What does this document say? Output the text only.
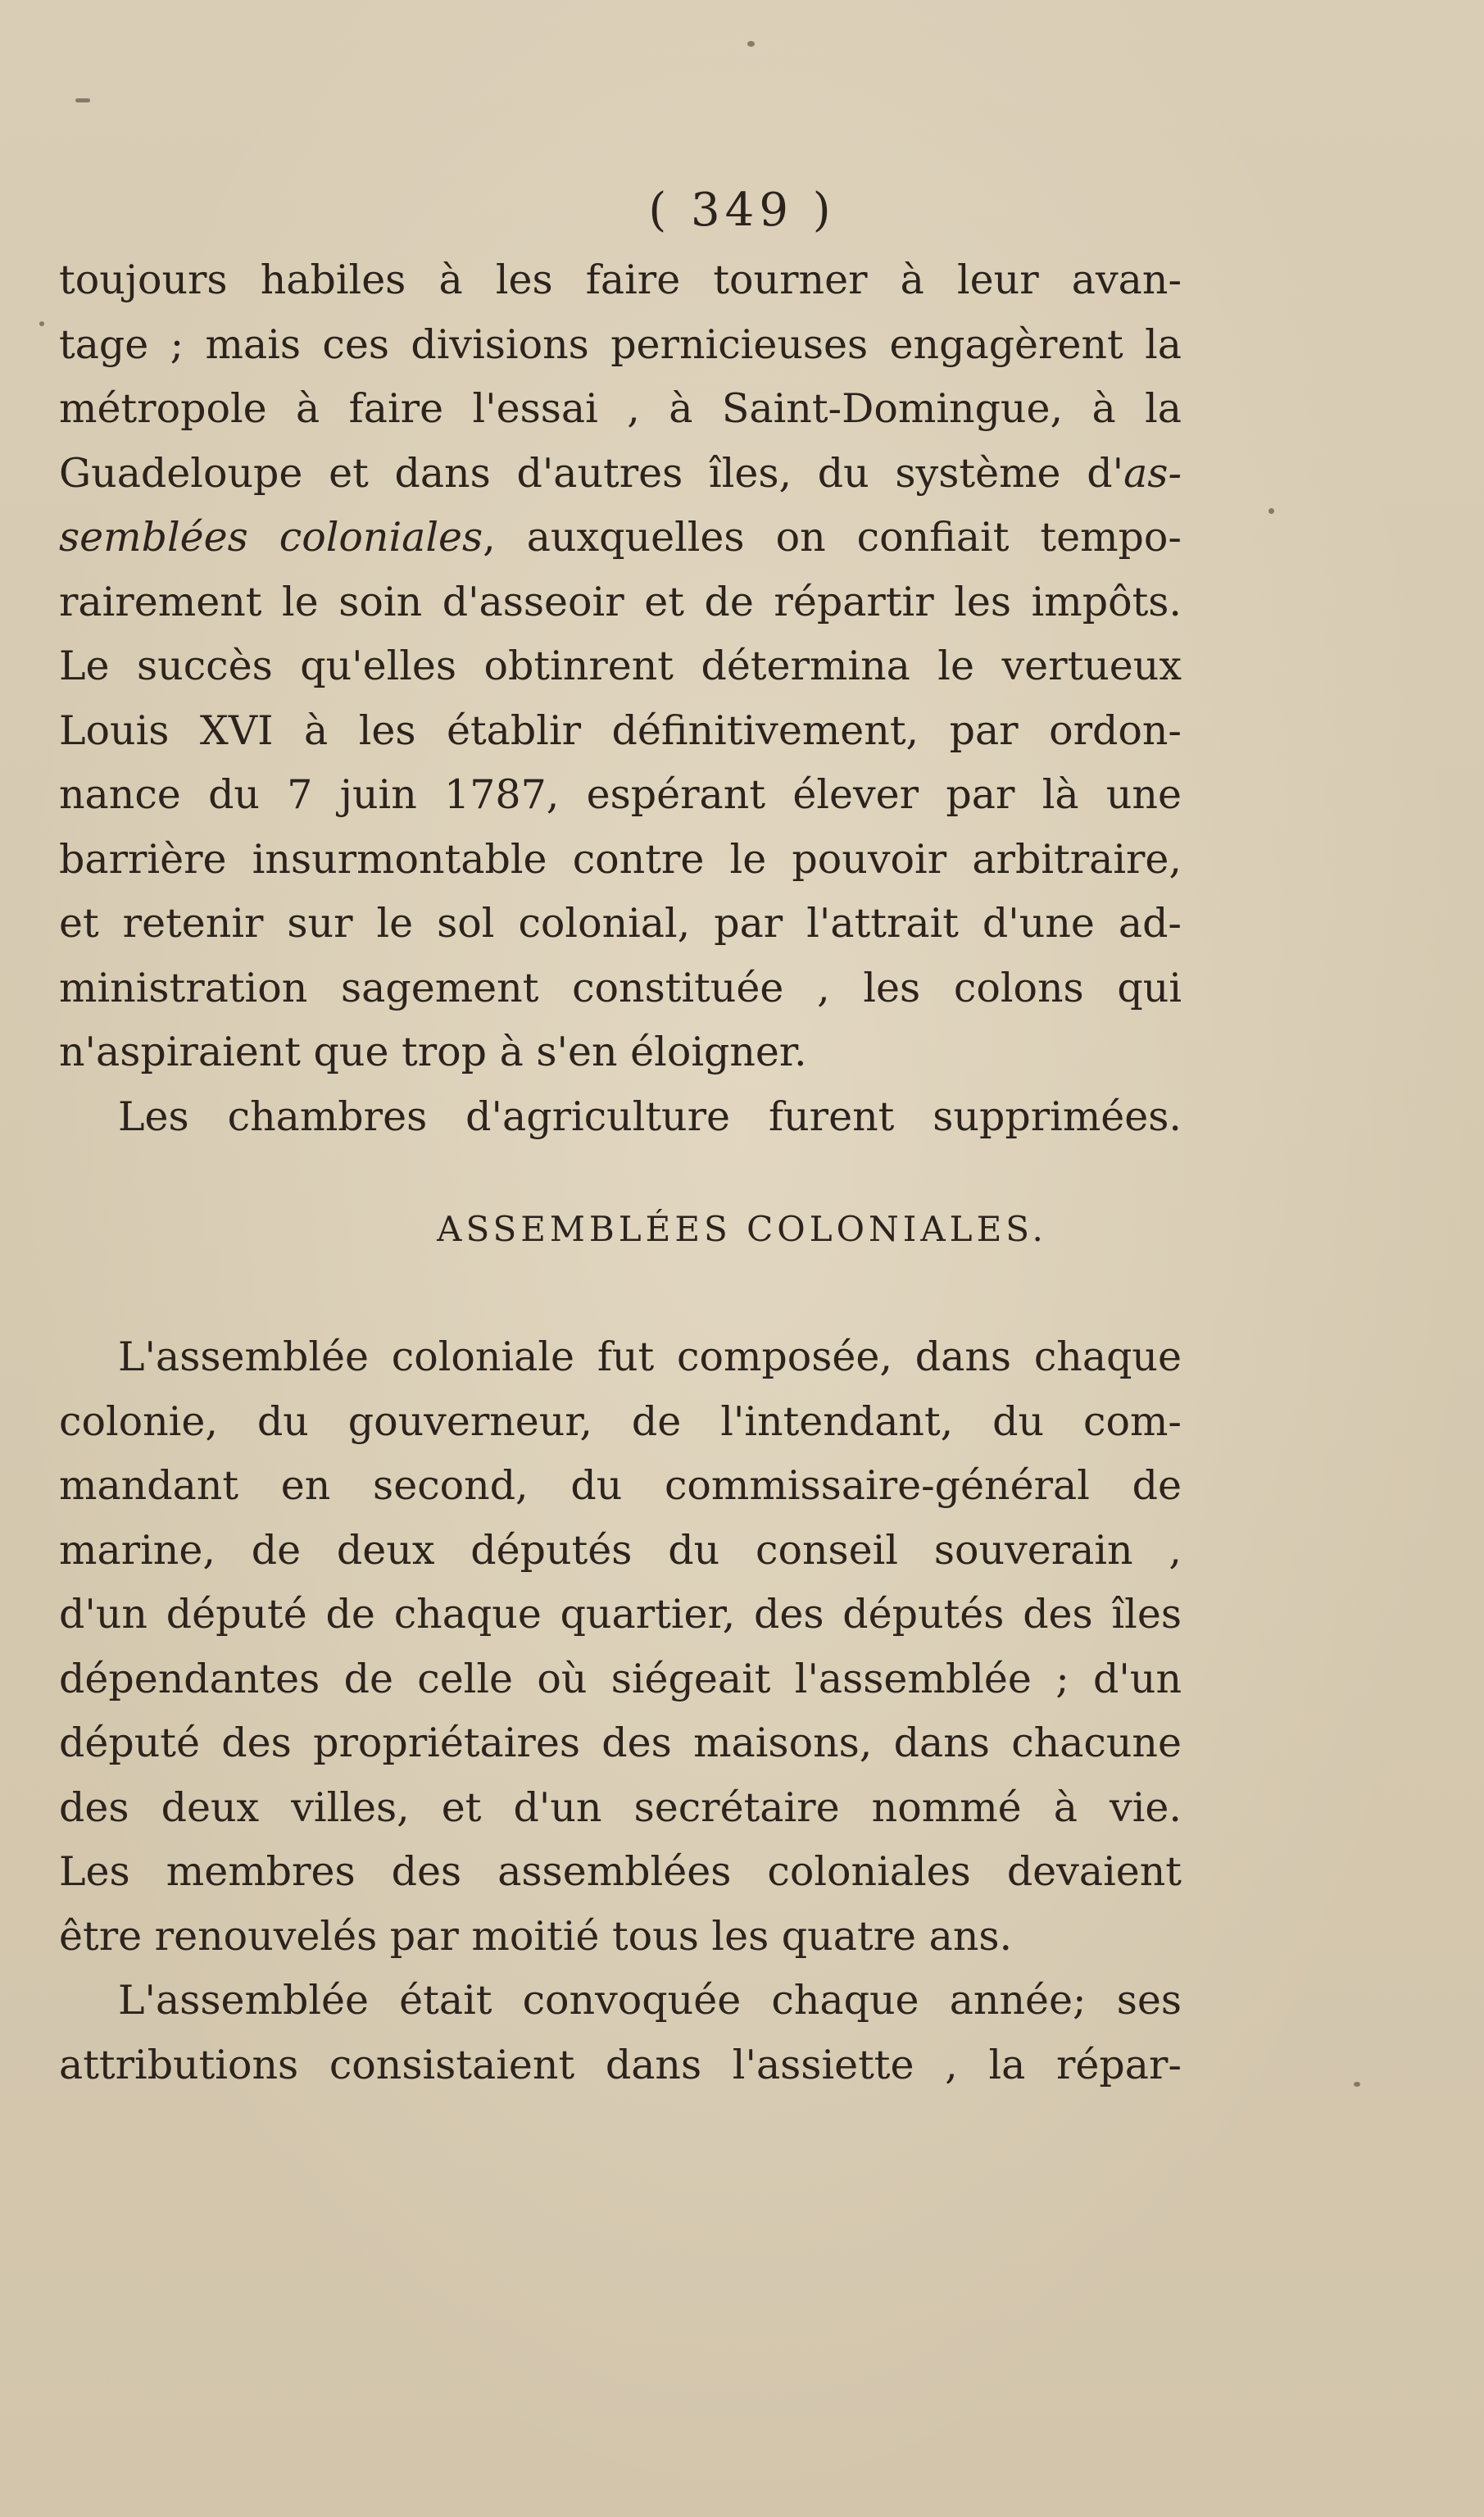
( 349 )
toujours habiles à les faire tourner à leur avan-
tage ; mais ces divisions pernicieuses engagèrent la
métropole à faire l'essai , à Saint-Domingue, à la
Guadeloupe et dans d'autres îles, du système d'as-
semblées coloniales, auxquelles on confiait tempo-
rairement le soin d'asseoir et de répartir les impôts.
Le succès qu'elles obtinrent détermina le vertueux
Louis XVI à les établir définitivement, par ordon-
nance du 7 juin 1787, espérant élever par là une
barrière insurmontable contre le pouvoir arbitraire,
et retenir sur le sol colonial, par l'attrait d'une ad-
ministration sagement constituée , les colons qui
n'aspiraient que trop à s'en éloigner.
Les chambres d'agriculture furent supprimées.
ASSEMBLÉES COLONIALES.
L'assemblée coloniale fut composée, dans chaque
colonie, du gouverneur, de l'intendant, du com-
mandant en second, du commissaire-général de
marine, de deux députés du conseil souverain ,
d'un député de chaque quartier, des députés des îles
dépendantes de celle où siégeait l'assemblée ; d'un
député des propriétaires des maisons, dans chacune
des deux villes, et d'un secrétaire nommé à vie.
Les membres des assemblées coloniales devaient
être renouvelés par moitié tous les quatre ans.
L'assemblée était convoquée chaque année; ses
attributions consistaient dans l'assiette , la répar-
